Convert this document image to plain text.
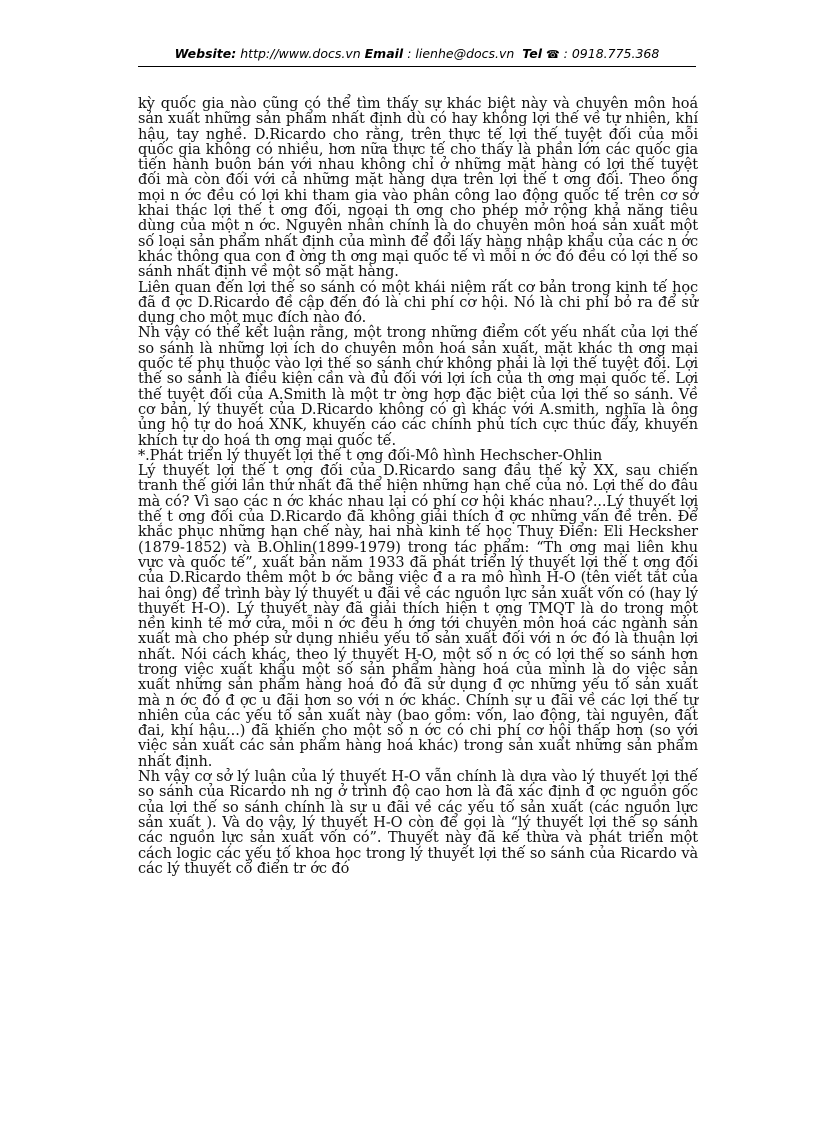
Website: http://www.docs.vn Email : lienhe@docs.vn Tel ☎ : 0918.775.368

kỳ quốc gia nào cũng có thể tìm thấy sự khác biệt này và chuyên môn hoá sản xuất những sản phẩm nhất định dù có hay không lợi thế về tự nhiên, khí hậu, tay nghề. D.Ricardo cho rằng, trên thực tế lợi thế tuyệt đối của mỗi quốc gia không có nhiều, hơn nữa thực tế cho thấy là phần lớn các quốc gia tiến hành buôn bán với nhau không chỉ ở những mặt hàng có lợi thế tuyệt đối mà còn đối với cả những mặt hàng dựa trên lợi thế t ơng đối. Theo ông mọi n ớc đều có lợi khi tham gia vào phân công lao động quốc tế trên cơ sở khai thác lợi thế t ơng đối, ngoại th ơng cho phép mở rộng khả năng tiêu dùng của một n ớc. Nguyên nhân chính là do chuyên môn hoá sản xuất một số loại sản phẩm nhất định của mình để đổi lấy hàng nhập khẩu của các n ớc khác thông qua con đ ờng th ơng mại quốc tế vì mỗi n ớc đó đều có lợi thế so sánh nhất định về một số mặt hàng.

Liên quan đến lợi thế so sánh có một khái niệm rất cơ bản trong kinh tế học đã đ ợc D.Ricardo đề cập đến đó là chi phí cơ hội. Nó là chi phí bỏ ra để sử dụng cho một mục đích nào đó.

Nh vậy có thể kết luận rằng, một trong những điểm cốt yếu nhất của lợi thế so sánh là những lợi ích do chuyên môn hoá sản xuất, mặt khác th ơng mại quốc tế phụ thuộc vào lợi thế so sánh chứ không phải là lợi thế tuyệt đối. Lợi thế so sánh là điều kiện cần và đủ đối với lợi ích của th ơng mại quốc tế. Lợi thế tuyệt đối của A.Smith là một tr ờng hợp đặc biệt của lợi thế so sánh. Về cơ bản, lý thuyết của D.Ricardo không có gì khác với A.smith, nghĩa là ông ủng hộ tự do hoá XNK, khuyến cáo các chính phủ tích cực thúc đẩy, khuyến khích tự do hoá th ơng mại quốc tế.

*.Phát triển lý thuyết lợi thế t ơng đối-Mô hình Hechscher-Ohlin

Lý thuyết lợi thế t ơng đối của D.Ricardo sang đầu thế kỷ XX, sau chiến tranh thế giới lần thứ nhất đã thể hiện những hạn chế của nó. Lợi thế do đâu mà có? Vì sao các n ớc khác nhau lại có phí cơ hội khác nhau?...Lý thuyết lợi thế t ơng đối của D.Ricardo đã không giải thích đ ợc những vấn đề trên. Để khắc phục những hạn chế này, hai nhà kinh tế học Thuỵ Điển: Eli Hecksher (1879-1852) và B.Ohlin(1899-1979) trong tác phẩm: “Th ơng mại liên khu vực và quốc tế”, xuất bản năm 1933 đã phát triển lý thuyết lợi thế t ơng đối của D.Ricardo thêm một b ớc bằng việc đ a ra mô hình H-O (tên viết tắt của hai ông) để trình bày lý thuyết u đãi về các nguồn lực sản xuất vốn có (hay lý thuyết H-O). Lý thuyết này đã giải thích hiện t ợng TMQT là do trong một nền kinh tế mở cửa, mỗi n ớc đều h ớng tới chuyên môn hoá các ngành sản xuất mà cho phép sử dụng nhiều yếu tố sản xuất đối với n ớc đó là thuận lợi nhất. Nói cách khác, theo lý thuyết H-O, một số n ớc có lợi thế so sánh hơn trong việc xuất khẩu một số sản phẩm hàng hoá của mình là do việc sản xuất những sản phẩm hàng hoá đó đã sử dụng đ ợc những yếu tố sản xuất mà n ớc đó đ ợc u đãi hơn so với n ớc khác. Chính sự u đãi về các lợi thế tự nhiên của các yếu tố sản xuất này (bao gồm: vốn, lao động, tài nguyên, đất đai, khí hậu...) đã khiến cho một số n ớc có chi phí cơ hội thấp hơn (so với việc sản xuất các sản phẩm hàng hoá khác) trong sản xuất những sản phẩm nhất định.

Nh vậy cơ sở lý luận của lý thuyết H-O vẫn chính là dựa vào lý thuyết lợi thế so sánh của Ricardo nh ng ở trình độ cao hơn là đã xác định đ ợc nguồn gốc của lợi thế so sánh chính là sự u đãi về các yếu tố sản xuất (các nguồn lực sản xuất ). Và do vậy, lý thuyết H-O còn để gọi là “lý thuyết lợi thế so sánh các nguồn lực sản xuất vốn có”. Thuyết này đã kế thừa và phát triển một cách logic các yếu tố khoa học trong lý thuyết lợi thế so sánh của Ricardo và các lý thuyết cổ điển tr ớc đó
